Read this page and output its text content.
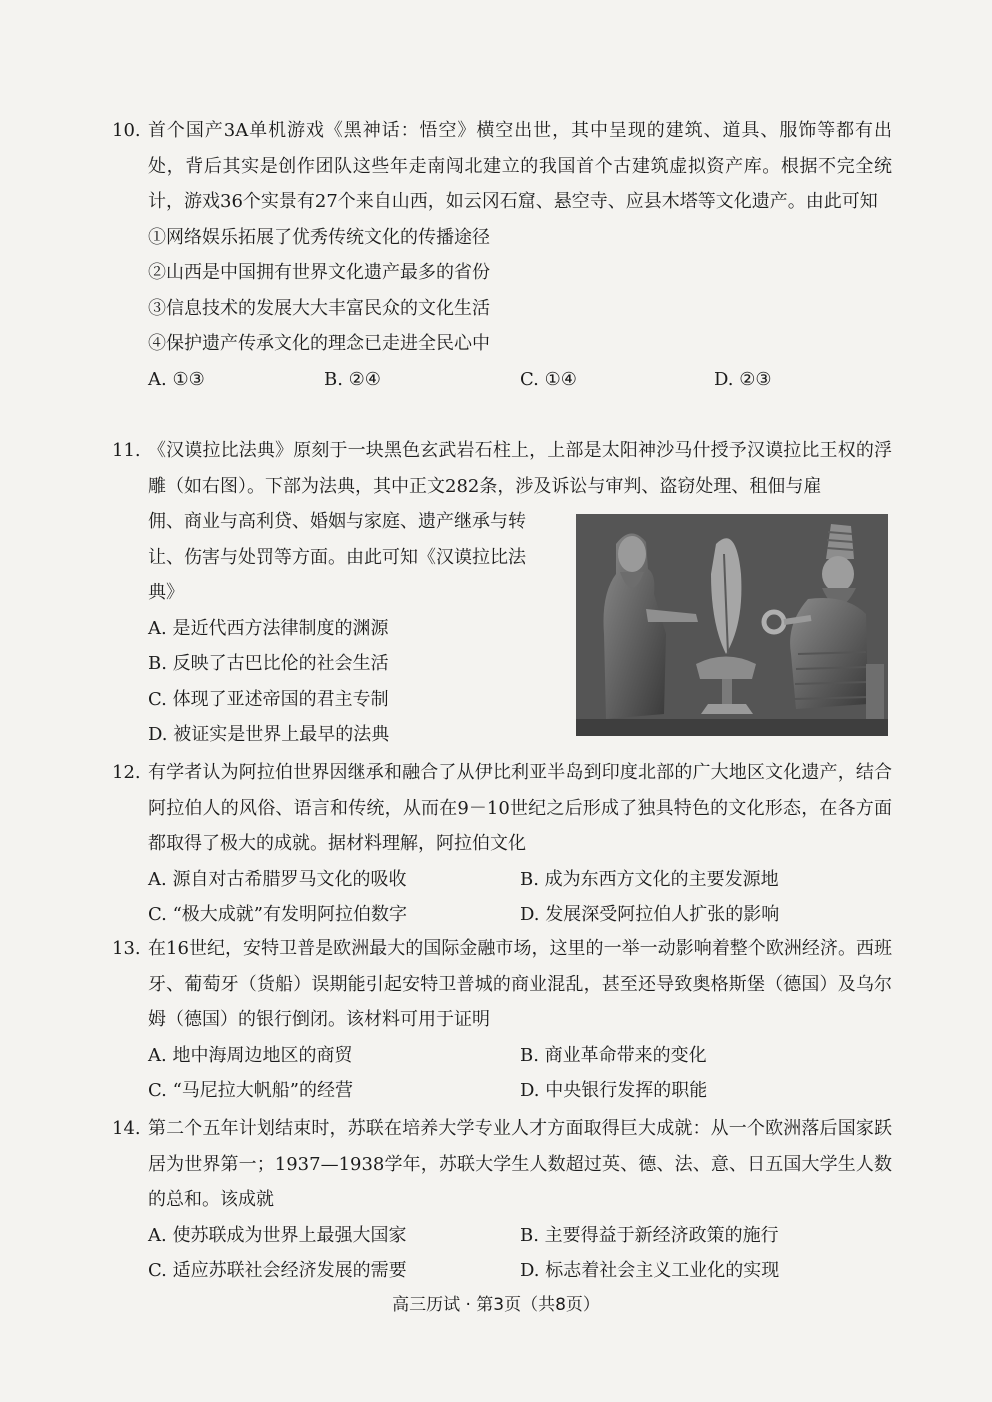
10. 首个国产3A单机游戏《黑神话：悟空》横空出世，其中呈现的建筑、道具、服饰等都有出处，背后其实是创作团队这些年走南闯北建立的我国首个古建筑虚拟资产库。根据不完全统计，游戏36个实景有27个来自山西，如云冈石窟、悬空寺、应县木塔等文化遗产。由此可知
①网络娱乐拓展了优秀传统文化的传播途径
②山西是中国拥有世界文化遗产最多的省份
③信息技术的发展大大丰富民众的文化生活
④保护遗产传承文化的理念已走进全民心中
A. ①③	B. ②④	C. ①④	D. ②③
11. 《汉谟拉比法典》原刻于一块黑色玄武岩石柱上，上部是太阳神沙马什授予汉谟拉比王权的浮雕（如右图）。下部为法典，其中正文282条，涉及诉讼与审判、盗窃处理、租佃与雇
佣、商业与高利贷、婚姻与家庭、遗产继承与转让、伤害与处罚等方面。由此可知《汉谟拉比法典》
A. 是近代西方法律制度的渊源
B. 反映了古巴比伦的社会生活
C. 体现了亚述帝国的君主专制
D. 被证实是世界上最早的法典
12. 有学者认为阿拉伯世界因继承和融合了从伊比利亚半岛到印度北部的广大地区文化遗产，结合阿拉伯人的风俗、语言和传统，从而在9－10世纪之后形成了独具特色的文化形态，在各方面都取得了极大的成就。据材料理解，阿拉伯文化
A. 源自对古希腊罗马文化的吸收	B. 成为东西方文化的主要发源地
C. “极大成就”有发明阿拉伯数字	D. 发展深受阿拉伯人扩张的影响
13. 在16世纪，安特卫普是欧洲最大的国际金融市场，这里的一举一动影响着整个欧洲经济。西班牙、葡萄牙（货船）误期能引起安特卫普城的商业混乱，甚至还导致奥格斯堡（德国）及乌尔姆（德国）的银行倒闭。该材料可用于证明
A. 地中海周边地区的商贸	B. 商业革命带来的变化
C. “马尼拉大帆船”的经营	D. 中央银行发挥的职能
14. 第二个五年计划结束时，苏联在培养大学专业人才方面取得巨大成就：从一个欧洲落后国家跃居为世界第一；1937—1938学年，苏联大学生人数超过英、德、法、意、日五国大学生人数的总和。该成就
A. 使苏联成为世界上最强大国家	B. 主要得益于新经济政策的施行
C. 适应苏联社会经济发展的需要	D. 标志着社会主义工业化的实现
高三历试 · 第3页（共8页）
